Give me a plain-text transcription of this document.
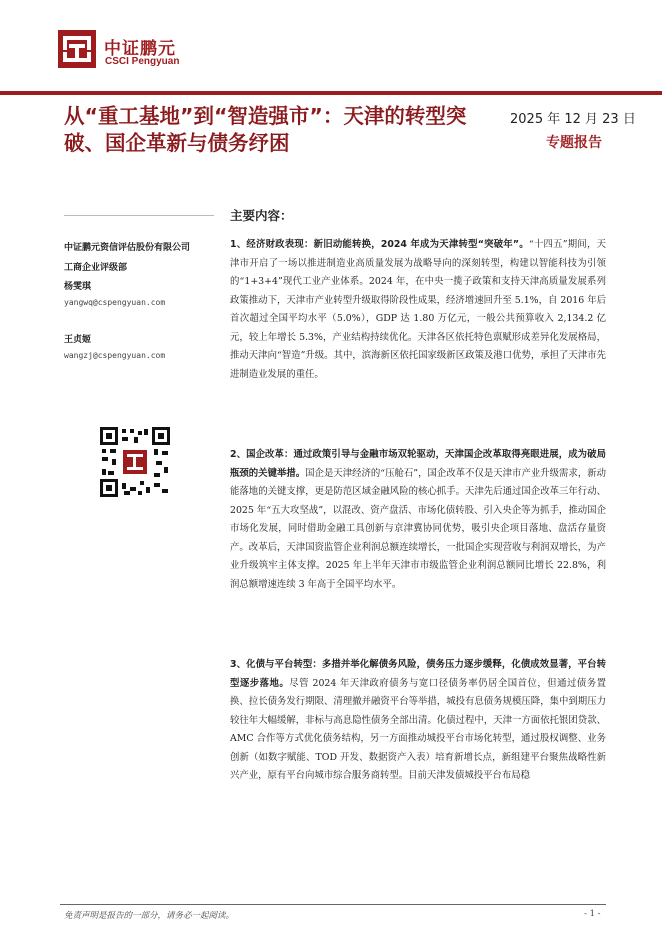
中证鹏元
CSCI Pengyuan
从“重工基地”到“智造强市”：天津的转型突破、国企革新与债务纾困
2025 年 12 月 23 日
专题报告
中证鹏元资信评估股份有限公司
工商企业评级部
杨雯琪
yangwq@cspengyuan.com
王贞姬
wangzj@cspengyuan.com
主要内容：
1、经济财政表现：新旧动能转换，2024 年成为天津转型“突破年”。“十四五”期间，天津市开启了一场以推进制造业高质量发展为战略导向的深刻转型，构建以智能科技为引领的“1+3+4”现代工业产业体系。2024 年，在中央一揽子政策和支持天津高质量发展系列政策推动下，天津市产业转型升级取得阶段性成果，经济增速回升至 5.1%，自 2016 年后首次超过全国平均水平（5.0%），GDP 达 1.80 万亿元，一般公共预算收入 2,134.2 亿元，较上年增长 5.3%，产业结构持续优化。天津各区依托特色禀赋形成差异化发展格局，推动天津向“智造”升级。其中，滨海新区依托国家级新区政策及港口优势，承担了天津市先进制造业发展的重任。
2、国企改革：通过政策引导与金融市场双轮驱动，天津国企改革取得亮眼进展，成为破局瓶颈的关键举措。国企是天津经济的“压舱石”，国企改革不仅是天津市产业升级需求，新动能落地的关键支撑，更是防范区域金融风险的核心抓手。天津先后通过国企改革三年行动、2025 年“五大攻坚战”，以混改、资产盘活、市场化债转股、引入央企等为抓手，推动国企市场化发展，同时借助金融工具创新与京津冀协同优势，吸引央企项目落地、盘活存量资产。改革后，天津国资监管企业利润总额连续增长，一批国企实现营收与利润双增长，为产业升级筑牢主体支撑。2025 年上半年天津市市级监管企业利润总额同比增长 22.8%，利润总额增速连续 3 年高于全国平均水平。
3、化债与平台转型：多措并举化解债务风险，债务压力逐步缓释，化债成效显著，平台转型逐步落地。尽管 2024 年天津政府债务与宽口径债务率仍居全国首位，但通过债务置换、拉长债务发行期限、清理撤并融资平台等举措，城投有息债务规模压降，集中到期压力较往年大幅缓解，非标与高息隐性债务全部出清。化债过程中，天津一方面依托银团贷款、AMC 合作等方式优化债务结构，另一方面推动城投平台市场化转型，通过股权调整、业务创新（如数字赋能、TOD 开发、数据资产入表）培育新增长点，新组建平台聚焦战略性新兴产业，原有平台向城市综合服务商转型。目前天津发债城投平台布局稳
免责声明是报告的一部分，请务必一起阅读。	- 1 -
